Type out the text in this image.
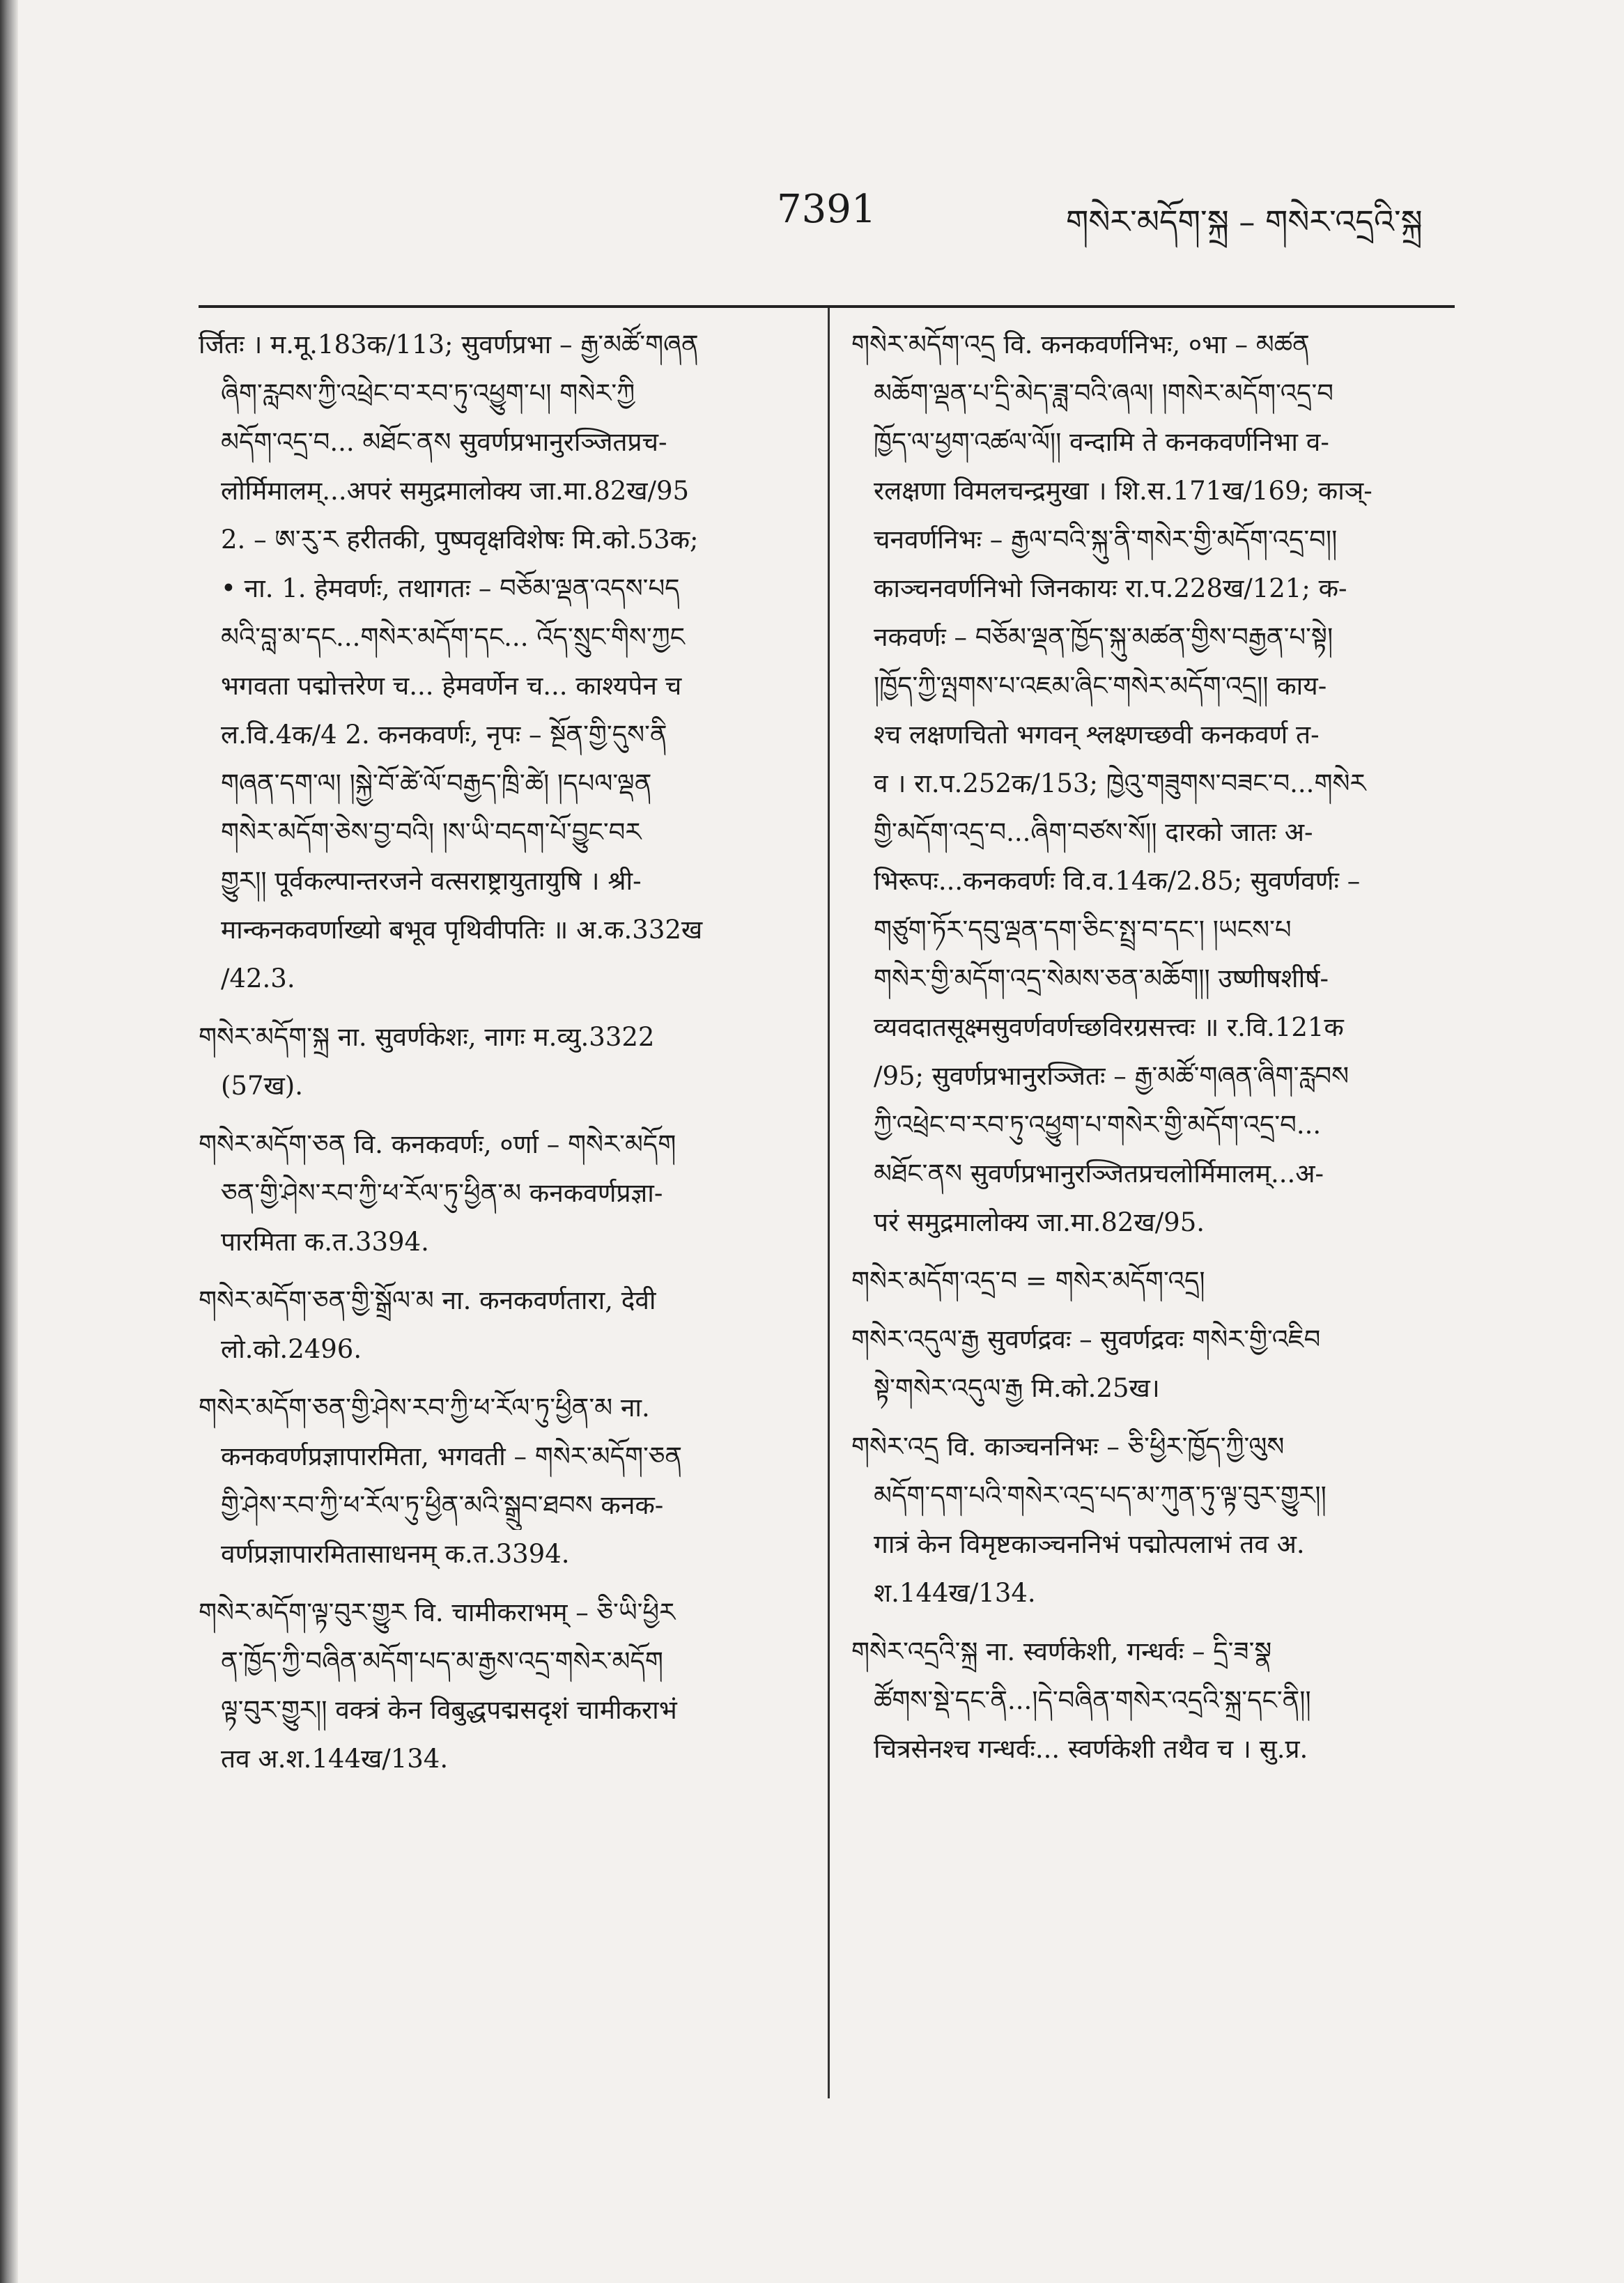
7391	གསེར་མདོག་སྐྲ – གསེར་འདྲའི་སྐྲ
र्जितः । म.मू.183क/113; सुवर्णप्रभा – རྒྱ་མཚོ་གཞན
ཞིག་རླབས་ཀྱི་འཕྲེང་བ་རབ་ཏུ་འཕྱུག་པ། གསེར་ཀྱི
མདོག་འདྲ་བ... མཐོང་ནས सुवर्णप्रभानुरञ्जितप्रच-
लोर्मिमालम्...अपरं समुद्रमालोक्य जा.मा.82ख/95
2. – ཨ་རུ་ར हरीतकी, पुष्पवृक्षविशेषः मि.को.53क;
• ना. 1. हेमवर्णः, तथागतः – བཅོམ་ལྡན་འདས་པད
མའི་བླ་མ་དང...གསེར་མདོག་དང... འོད་སྲུང་གིས་ཀྱང
भगवता पद्मोत्तरेण च... हेमवर्णेन च... काश्यपेन च
ल.वि.4क/4 2. कनकवर्णः, नृपः – སྔོན་གྱི་དུས་ནི
གཞན་དག་ལ། །སྐྱེ་བོ་ཚེ་ལོ་བརྒྱད་ཁྲི་ཚེ། །དཔལ་ལྡན
གསེར་མདོག་ཅེས་བྱ་བའི། །ས་ཡི་བདག་པོ་བྱུང་བར
གྱུར།། पूर्वकल्पान्तरजने वत्सराष्ट्रायुतायुषि । श्री-
मान्कनकवर्णाख्यो बभूव पृथिवीपतिः ॥ अ.क.332ख
/42.3.
གསེར་མདོག་སྐྲ ना. सुवर्णकेशः, नागः म.व्यु.3322
(57ख).
གསེར་མདོག་ཅན वि. कनकवर्णः, ०र्णा – གསེར་མདོག
ཅན་གྱི་ཤེས་རབ་ཀྱི་ཕ་རོལ་ཏུ་ཕྱིན་མ कनकवर्णप्रज्ञा-
पारमिता क.त.3394.
གསེར་མདོག་ཅན་གྱི་སྒྲོལ་མ ना. कनकवर्णतारा, देवी
लो.को.2496.
གསེར་མདོག་ཅན་གྱི་ཤེས་རབ་ཀྱི་ཕ་རོལ་ཏུ་ཕྱིན་མ ना.
कनकवर्णप्रज्ञापारमिता, भगवती – གསེར་མདོག་ཅན
གྱི་ཤེས་རབ་ཀྱི་ཕ་རོལ་ཏུ་ཕྱིན་མའི་སྒྲུབ་ཐབས कनक-
वर्णप्रज्ञापारमितासाधनम् क.त.3394.
གསེར་མདོག་ལྟ་བུར་གྱུར वि. चामीकराभम् – ཅི་ཡི་ཕྱིར
ན་ཁྱོད་ཀྱི་བཞིན་མདོག་པད་མ་རྒྱས་འདྲ་གསེར་མདོག
ལྟ་བུར་གྱུར།། वक्त्रं केन विबुद्धपद्मसदृशं चामीकराभं
तव अ.श.144ख/134.
གསེར་མདོག་འདྲ वि. कनकवर्णनिभः, ०भा – མཚན
མཆོག་ལྡན་པ་དྲི་མེད་ཟླ་བའི་ཞལ། །གསེར་མདོག་འདྲ་བ
ཁྱོད་ལ་ཕྱག་འཚལ་ལོ།། वन्दामि ते कनकवर्णनिभा व-
रलक्षणा विमलचन्द्रमुखा । शि.स.171ख/169; काञ्-
चनवर्णनिभः – རྒྱལ་བའི་སྐུ་ནི་གསེར་གྱི་མདོག་འདྲ་བ།།
काञ्चनवर्णनिभो जिनकायः रा.प.228ख/121; क-
नकवर्णः – བཅོམ་ལྡན་ཁྱོད་སྐུ་མཚན་གྱིས་བརྒྱན་པ་སྟེ།
།ཁྱོད་ཀྱི་ལྤགས་པ་འཇམ་ཞིང་གསེར་མདོག་འདྲ།། काय-
श्च लक्षणचितो भगवन् श्लक्ष्णच्छवी कनकवर्ण त-
व । रा.प.252क/153; ཁྱེའུ་གཟུགས་བཟང་བ...གསེར
གྱི་མདོག་འདྲ་བ...ཞིག་བཙས་སོ།། दारको जातः अ-
भिरूपः...कनकवर्णः वि.व.14क/2.85; सुवर्णवर्णः –
གཙུག་ཏོར་དབུ་ལྡན་དག་ཅིང་སྤྲ་བ་དང་། །ཡངས་པ
གསེར་གྱི་མདོག་འདྲ་སེམས་ཅན་མཆོག།། उष्णीषशीर्ष-
व्यवदातसूक्ष्मसुवर्णवर्णच्छविरग्रसत्त्वः ॥ र.वि.121क
/95; सुवर्णप्रभानुरञ्जितः – རྒྱ་མཚོ་གཞན་ཞིག་རླབས
ཀྱི་འཕྲེང་བ་རབ་ཏུ་འཕྱུག་པ་གསེར་གྱི་མདོག་འདྲ་བ...
མཐོང་ནས सुवर्णप्रभानुरञ्जितप्रचलोर्मिमालम्...अ-
परं समुद्रमालोक्य जा.मा.82ख/95.
གསེར་མདོག་འདྲ་བ = གསེར་མདོག་འདྲ།
གསེར་འདུལ་རྒྱ सुवर्णद्रवः – सुवर्णद्रवः གསེར་གྱི་འཇིབ
སྟེ་གསེར་འདུལ་རྒྱ मि.को.25ख।
གསེར་འདྲ वि. काञ्चननिभः – ཅི་ཕྱིར་ཁྱོད་ཀྱི་ལུས
མདོག་དག་པའི་གསེར་འདྲ་པད་མ་ཀུན་ཏུ་ལྟ་བུར་གྱུར།།
गात्रं केन विमृष्टकाञ्चननिभं पद्मोत्पलाभं तव अ.
श.144ख/134.
གསེར་འདྲའི་སྐྲ ना. स्वर्णकेशी, गन्धर्वः – དྲི་ཟ་སྣ
ཚོགས་སྡེ་དང་ནི...།དེ་བཞིན་གསེར་འདྲའི་སྐྲ་དང་ནི།།
चित्रसेनश्च गन्धर्वः... स्वर्णकेशी तथैव च । सु.प्र.
